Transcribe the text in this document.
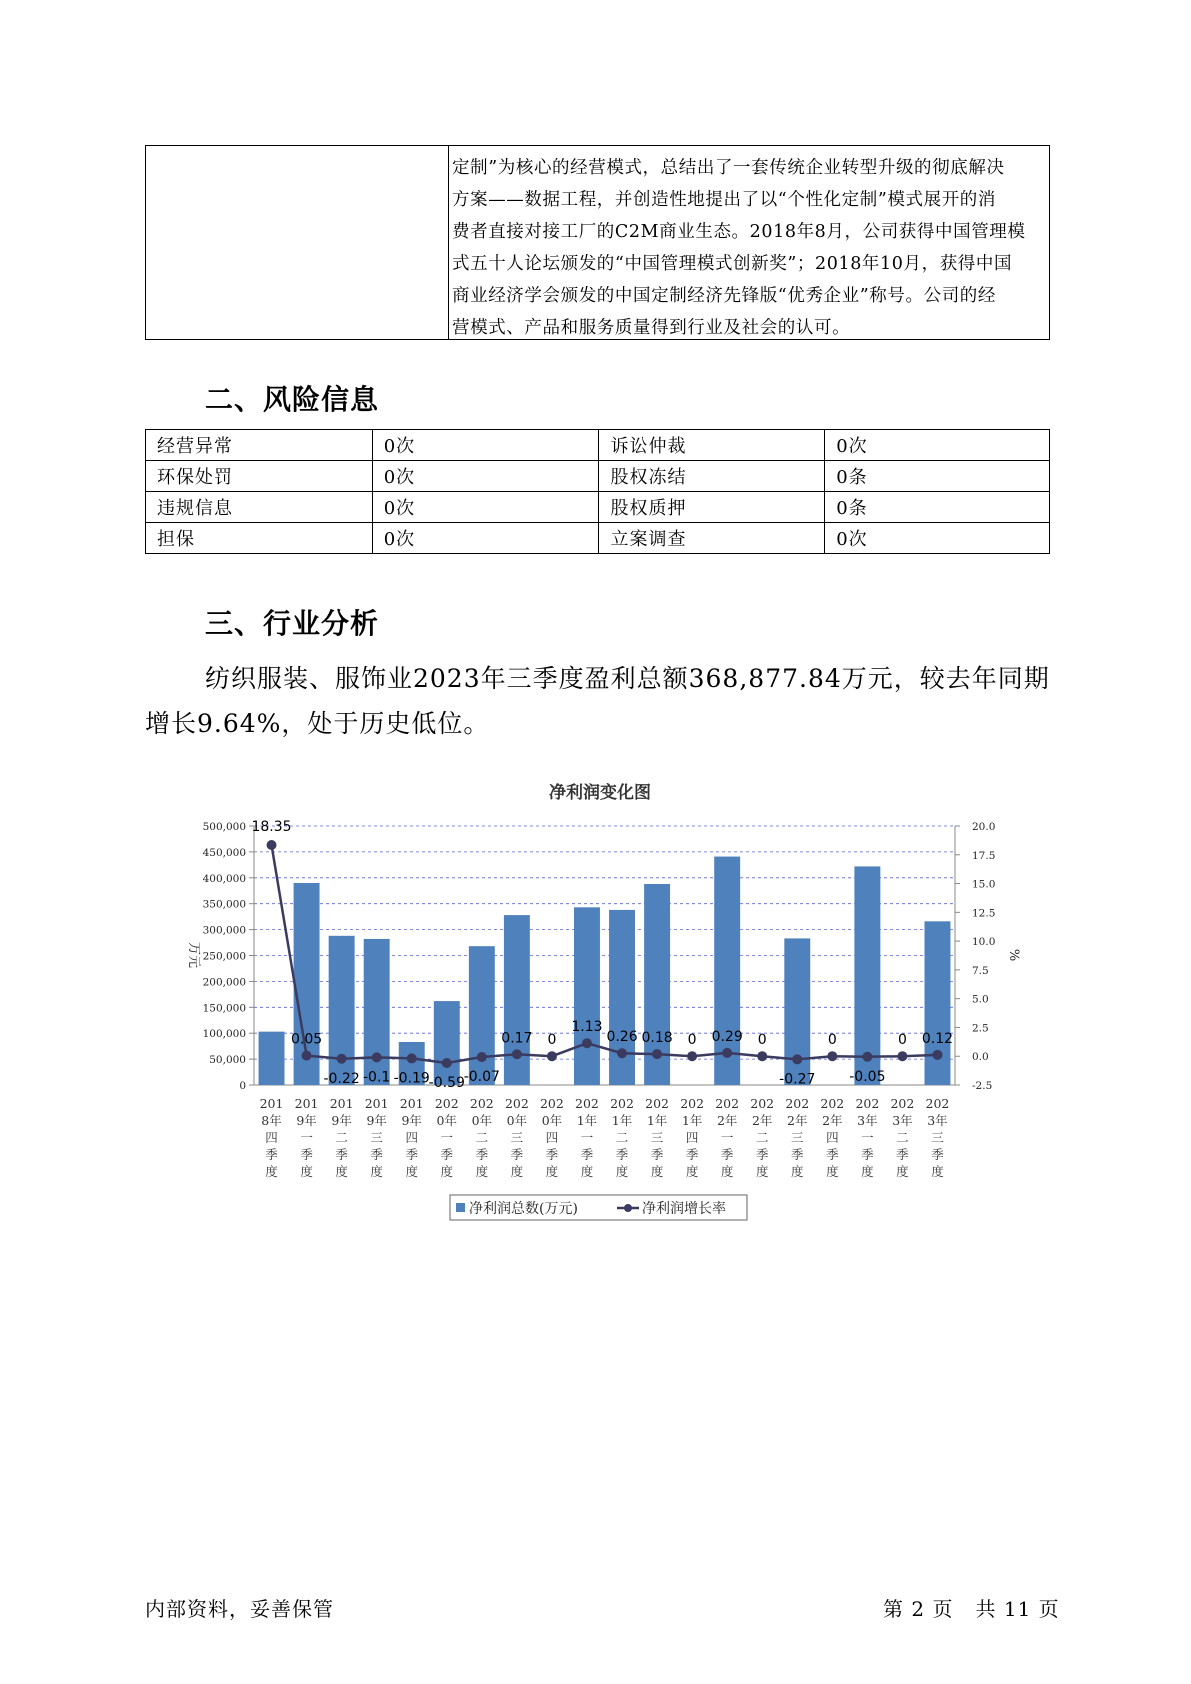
定制”为核心的经营模式，总结出了一套传统企业转型升级的彻底解决
方案——数据工程，并创造性地提出了以“个性化定制”模式展开的消
费者直接对接工厂的C2M商业生态。2018年8月，公司获得中国管理模
式五十人论坛颁发的“中国管理模式创新奖”；2018年10月，获得中国
商业经济学会颁发的中国定制经济先锋版“优秀企业”称号。公司的经
营模式、产品和服务质量得到行业及社会的认可。
二、风险信息
经营异常	0次	诉讼仲裁	0次
环保处罚	0次	股权冻结	0条
违规信息	0次	股权质押	0条
担保	0次	立案调查	0次
三、行业分析
纺织服装、服饰业2023年三季度盈利总额368,877.84万元，较去年同期增长9.64%，处于历史低位。
净利润变化图
0
50,000
100,000
150,000
200,000
250,000
300,000
350,000
400,000
450,000
500,000
-2.5
0.0
2.5
5.0
7.5
10.0
12.5
15.0
17.5
20.0
万元	%
18.35
0.05
-0.22 -0.1 -0.19
-0.59
-0.07
0.17 0
1.13
0.26 0.18 0 0.29 0
-0.27
0
-0.05
0 0.12
201 8年四季度
201 9年一季度
201 9年二季度
201 9年三季度
201 9年四季度
202 0年一季度
202 0年二季度
202 0年三季度
202 0年四季度
202 1年一季度
202 1年二季度
202 1年三季度
202 1年四季度
202 2年一季度
202 2年二季度
202 2年三季度
202 2年四季度
202 3年一季度
202 3年二季度
202 3年三季度
净利润总数(万元)	净利润增长率
内部资料，妥善保管	第 2 页   共 11 页
